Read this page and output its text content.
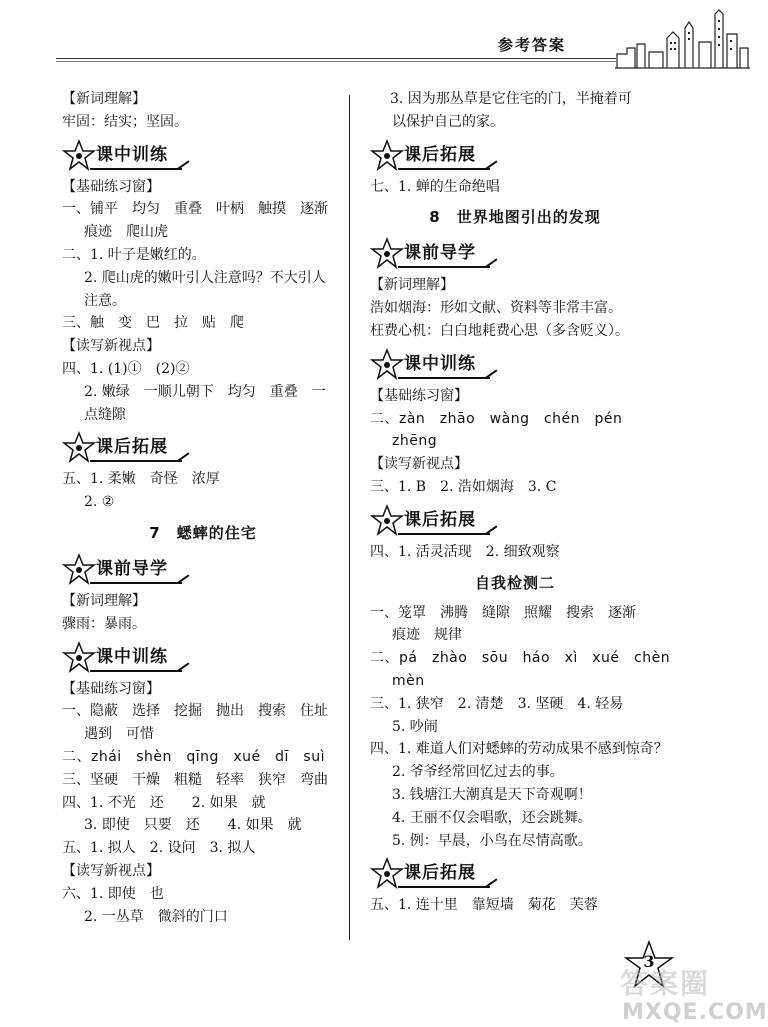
参考答案
【新词理解】
牢固：结实；坚固。
课中训练
【基础练习窗】
一、铺平　均匀　重叠　叶柄　触摸　逐渐
痕迹　爬山虎
二、1. 叶子是嫩红的。
2. 爬山虎的嫩叶引人注意吗？不大引人
注意。
三、触　变　巴　拉　贴　爬
【读写新视点】
四、1. (1)①　(2)②
2. 嫩绿　一顺儿朝下　均匀　重叠　一
点缝隙
课后拓展
五、1. 柔嫩　奇怪　浓厚
2. ②
7　蟋蟀的住宅
课前导学
【新词理解】
骤雨：暴雨。
课中训练
【基础练习窗】
一、隐蔽　选择　挖掘　抛出　搜索　住址
遇到　可惜
二、zhái　shèn　qīng　xué　dī　suì
三、坚硬　干燥　粗糙　轻率　狭窄　弯曲
四、1. 不光　还　　2. 如果　就
3. 即使　只要　还　　4. 如果　就
五、1. 拟人　2. 设问　3. 拟人
【读写新视点】
六、1. 即使　也
2. 一丛草　微斜的门口
3. 因为那丛草是它住宅的门，半掩着可
以保护自己的家。
课后拓展
七、1. 蝉的生命绝唱
8　世界地图引出的发现
课前导学
【新词理解】
浩如烟海：形如文献、资料等非常丰富。
枉费心机：白白地耗费心思（多含贬义）。
课中训练
【基础练习窗】
二、zàn　zhāo　wàng　chén　pén
zhēng
【读写新视点】
三、1. B　2. 浩如烟海　3. C
课后拓展
四、1. 活灵活现　2. 细致观察
自我检测二
一、笼罩　沸腾　缝隙　照耀　搜索　逐渐
痕迹　规律
二、pá　zhào　sōu　háo　xì　xué　chèn
mèn
三、1. 狭窄　2. 清楚　3. 坚硬　4. 轻易
5. 吵闹
四、1. 难道人们对蟋蟀的劳动成果不感到惊奇？
2. 爷爷经常回忆过去的事。
3. 钱塘江大潮真是天下奇观啊！
4. 王丽不仅会唱歌，还会跳舞。
5. 例：早晨，小鸟在尽情高歌。
课后拓展
五、1. 连十里　靠短墙　菊花　芙蓉
3
答案圈
MXQE.COM
